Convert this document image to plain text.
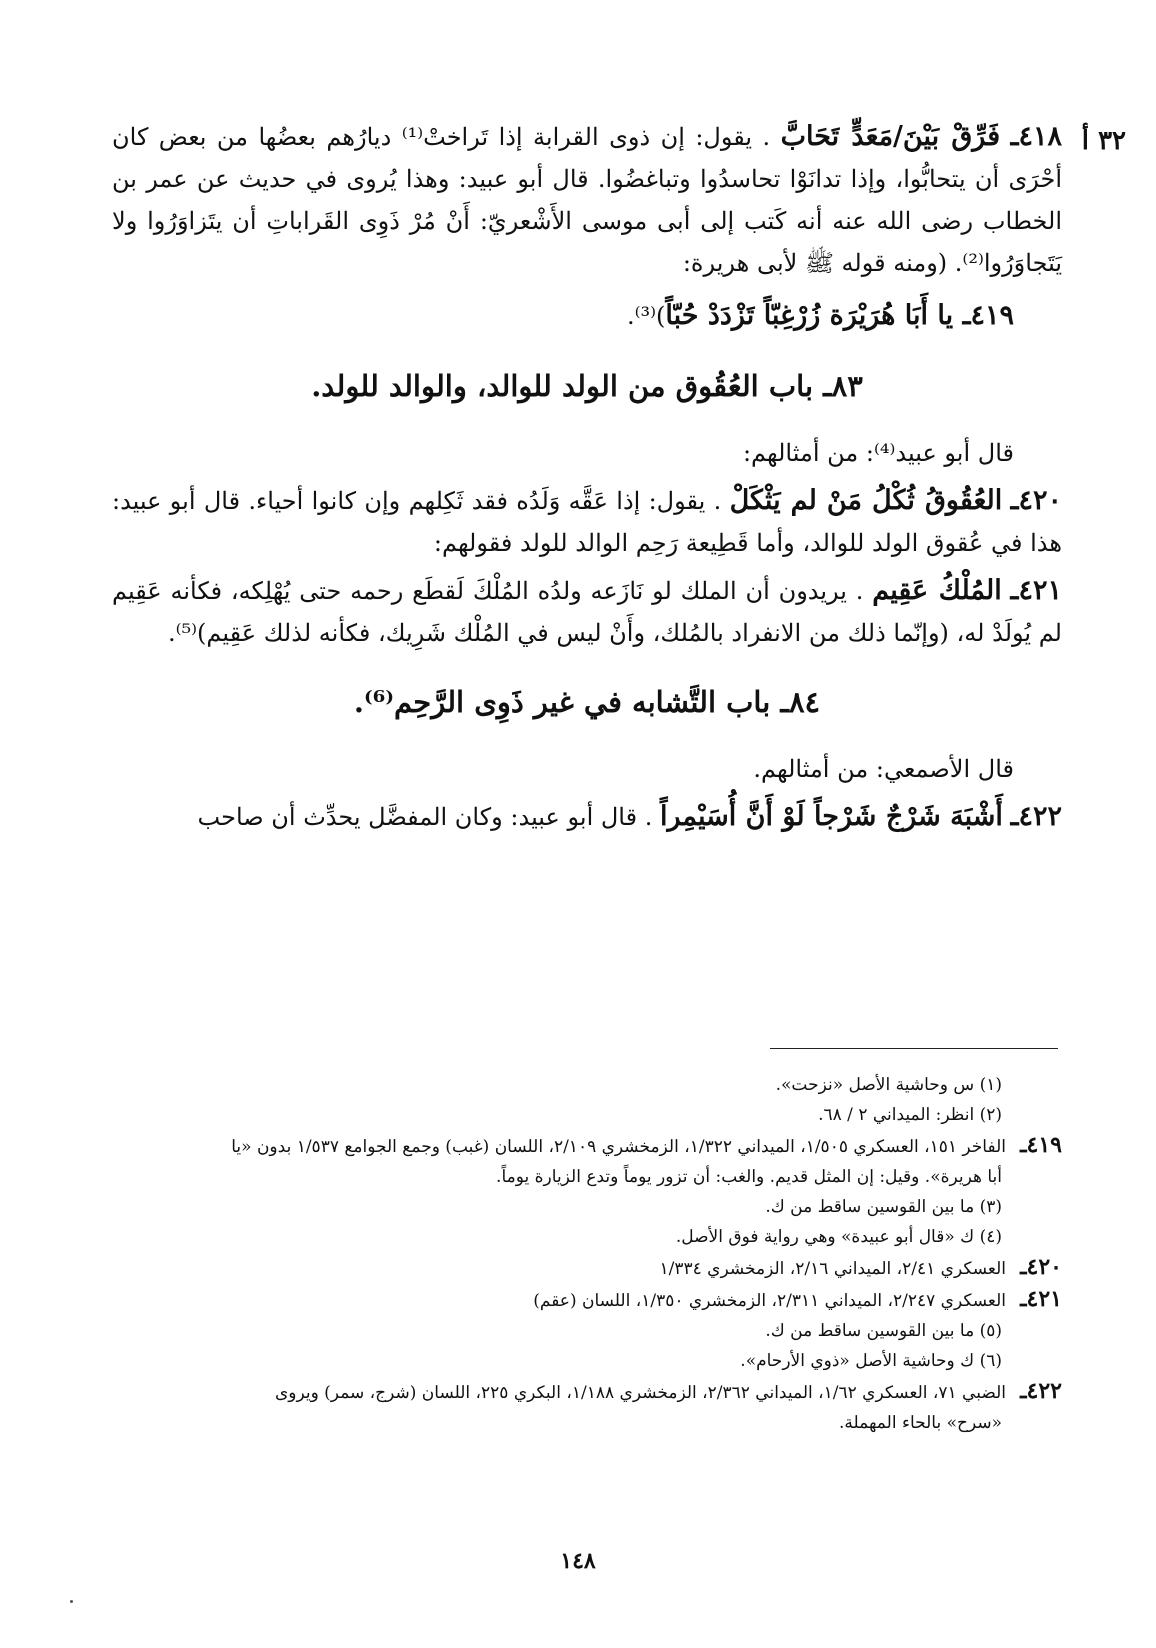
٣٢ أ

٤١٨ـ فَرِّقْ بَيْنَ/مَعَدٍّ تَحَابَّ . يقول: إن ذوى القرابة إذا تَراختْ⁽¹⁾ ديارُهم بعضُها من بعض كان أحْرَى أن يتحابُّوا، وإذا تدانَوْا تحاسدُوا وتباغضُوا. قال أبو عبيد: وهذا يُروى في حديث عن عمر بن الخطاب رضى الله عنه أنه كَتب إلى أبى موسى الأَشْعريّ: أَنْ مُرْ ذَوِى القَراباتِ أن يتَزاوَرُوا ولا يَتَجاوَرُوا⁽²⁾. (ومنه قوله ﷺ لأبى هريرة:

٤١٩ـ يا أَبَا هُرَيْرَة زُرْغِبّاً تَزْدَدْ حُبّاً)⁽³⁾.

٨٣ـ باب العُقُوق من الولد للوالد، والوالد للولد.

قال أبو عبيد⁽⁴⁾: من أمثالهم:

٤٢٠ـ العُقُوقُ ثُكْلُ مَنْ لم يَثْكَلْ . يقول: إذا عَقَّه وَلَدُه فقد ثَكِلهم وإن كانوا أحياء. قال أبو عبيد: هذا في عُقوق الولد للوالد، وأما قَطِيعة رَحِم الوالد للولد فقولهم:

٤٢١ـ المُلْكُ عَقِيم . يريدون أن الملك لو نَازَعه ولدُه المُلْكَ لَقطَع رحمه حتى يُهْلِكه، فكأنه عَقِيم لم يُولَدْ له، (وإنّما ذلك من الانفراد بالمُلك، وأَنْ ليس في المُلْك شَرِيك، فكأنه لذلك عَقِيم)⁽⁵⁾.

٨٤ـ باب التَّشابه في غير ذَوِى الرَّحِم⁽⁶⁾.

قال الأصمعي: من أمثالهم.

٤٢٢ـ أَشْبَهَ شَرْجٌ شَرْجاً لَوْ أَنَّ أُسَيْمِراً . قال أبو عبيد: وكان المفضَّل يحدِّث أن صاحب

(١) س وحاشية الأصل «نزحت».

(٢) انظر: الميداني ٢ / ٦٨.

٤١٩ـالفاخر ١٥١، العسكري ١/٥٠٥، الميداني ١/٣٢٢، الزمخشري ٢/١٠٩، اللسان (غبب) وجمع الجوامع ١/٥٣٧ بدون «يا

أبا هريرة». وقيل: إن المثل قديم. والغب: أن تزور يوماً وتدع الزيارة يوماً.

(٣) ما بين القوسين ساقط من ك.

(٤) ك «قال أبو عبيدة» وهي رواية فوق الأصل.

٤٢٠ـالعسكري ٢/٤١، الميداني ٢/١٦، الزمخشري ١/٣٣٤

٤٢١ـالعسكري ٢/٢٤٧، الميداني ٢/٣١١، الزمخشري ١/٣٥٠، اللسان (عقم)

(٥) ما بين القوسين ساقط من ك.

(٦) ك وحاشية الأصل «ذوي الأرحام».

٤٢٢ـالضبي ٧١، العسكري ١/٦٢، الميداني ٢/٣٦٢، الزمخشري ١/١٨٨، البكري ٢٢٥، اللسان (شرج، سمر) ويروى

«سرح» بالحاء المهملة.

١٤٨
